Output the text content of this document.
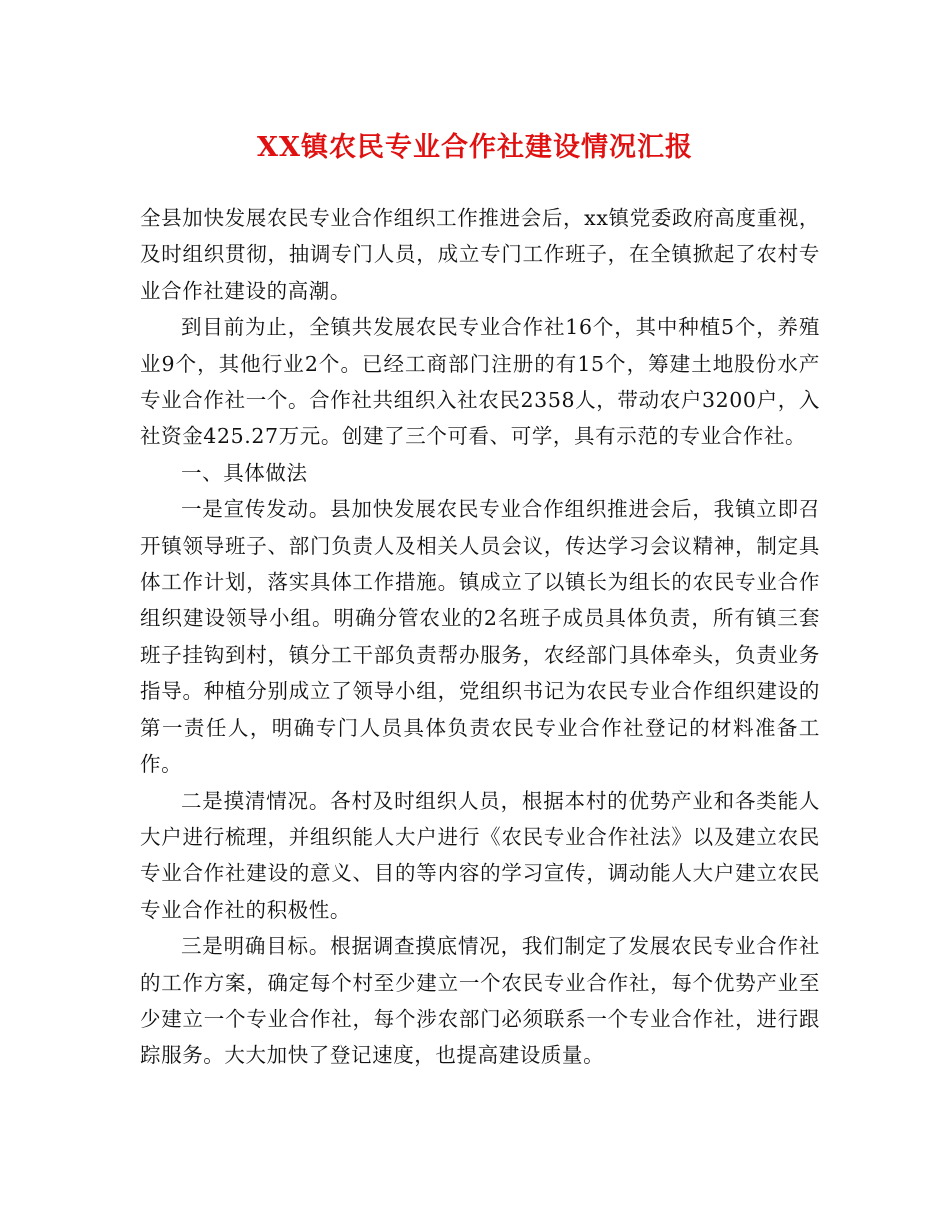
XX镇农民专业合作社建设情况汇报

全县加快发展农民专业合作组织工作推进会后，xx镇党委政府高度重视，及时组织贯彻，抽调专门人员，成立专门工作班子，在全镇掀起了农村专业合作社建设的高潮。

到目前为止，全镇共发展农民专业合作社16个，其中种植5个，养殖业9个，其他行业2个。已经工商部门注册的有15个，筹建土地股份水产专业合作社一个。合作社共组织入社农民2358人，带动农户3200户，入社资金425.27万元。创建了三个可看、可学，具有示范的专业合作社。

一、具体做法

一是宣传发动。县加快发展农民专业合作组织推进会后，我镇立即召开镇领导班子、部门负责人及相关人员会议，传达学习会议精神，制定具体工作计划，落实具体工作措施。镇成立了以镇长为组长的农民专业合作组织建设领导小组。明确分管农业的2名班子成员具体负责，所有镇三套班子挂钩到村，镇分工干部负责帮办服务，农经部门具体牵头，负责业务指导。种植分别成立了领导小组，党组织书记为农民专业合作组织建设的第一责任人，明确专门人员具体负责农民专业合作社登记的材料准备工作。

二是摸清情况。各村及时组织人员，根据本村的优势产业和各类能人大户进行梳理，并组织能人大户进行《农民专业合作社法》以及建立农民专业合作社建设的意义、目的等内容的学习宣传，调动能人大户建立农民专业合作社的积极性。

三是明确目标。根据调查摸底情况，我们制定了发展农民专业合作社的工作方案，确定每个村至少建立一个农民专业合作社，每个优势产业至少建立一个专业合作社，每个涉农部门必须联系一个专业合作社，进行跟踪服务。大大加快了登记速度，也提高建设质量。
